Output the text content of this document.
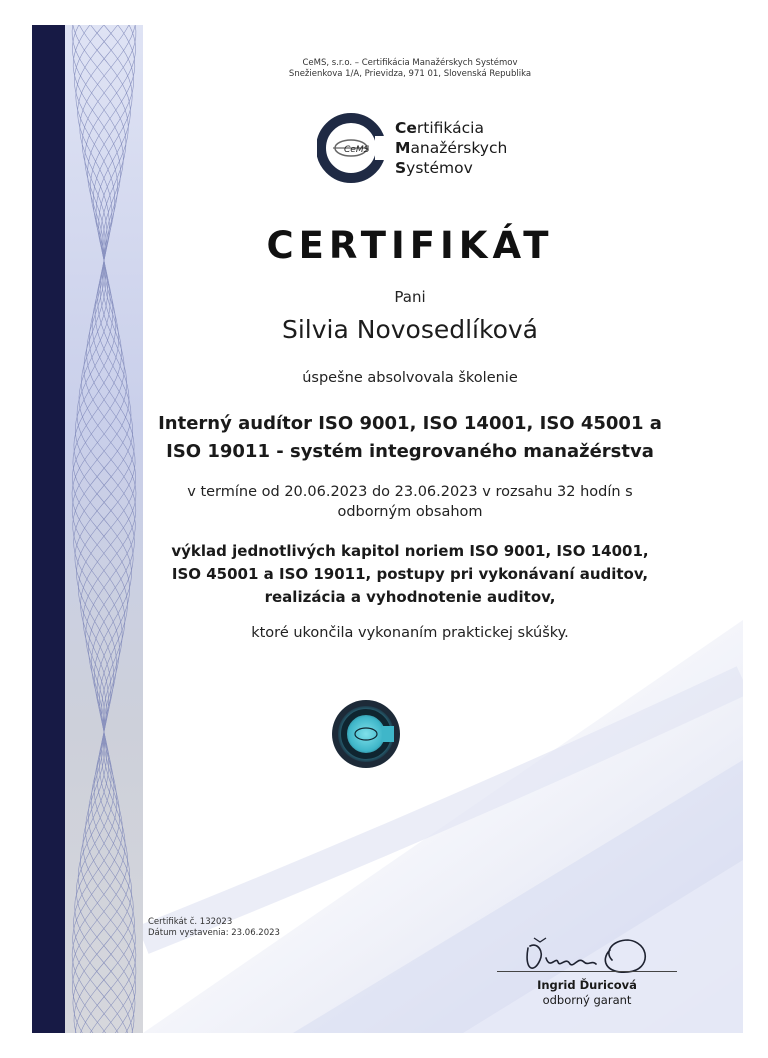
CeMS, s.r.o. – Certifikácia Manažérskych Systémov
Snežienkova 1/A, Prievidza, 971 01, Slovenská Republika
CeMS
Certifikácia
Manažérskych
Systémov
CERTIFIKÁT
Pani
Silvia Novosedlíková
úspešne absolvovala školenie
Interný audítor ISO 9001, ISO 14001, ISO 45001 a
ISO 19011 - systém integrovaného manažérstva
v termíne od 20.06.2023 do 23.06.2023 v rozsahu 32 hodín s
odborným obsahom
výklad jednotlivých kapitol noriem ISO 9001, ISO 14001,
ISO 45001 a ISO 19011, postupy pri vykonávaní auditov,
realizácia a vyhodnotenie auditov,
ktoré ukončila vykonaním praktickej skúšky.
Certifikát č. 132023
Dátum vystavenia: 23.06.2023
Ingrid Ďuricová
odborný garant
